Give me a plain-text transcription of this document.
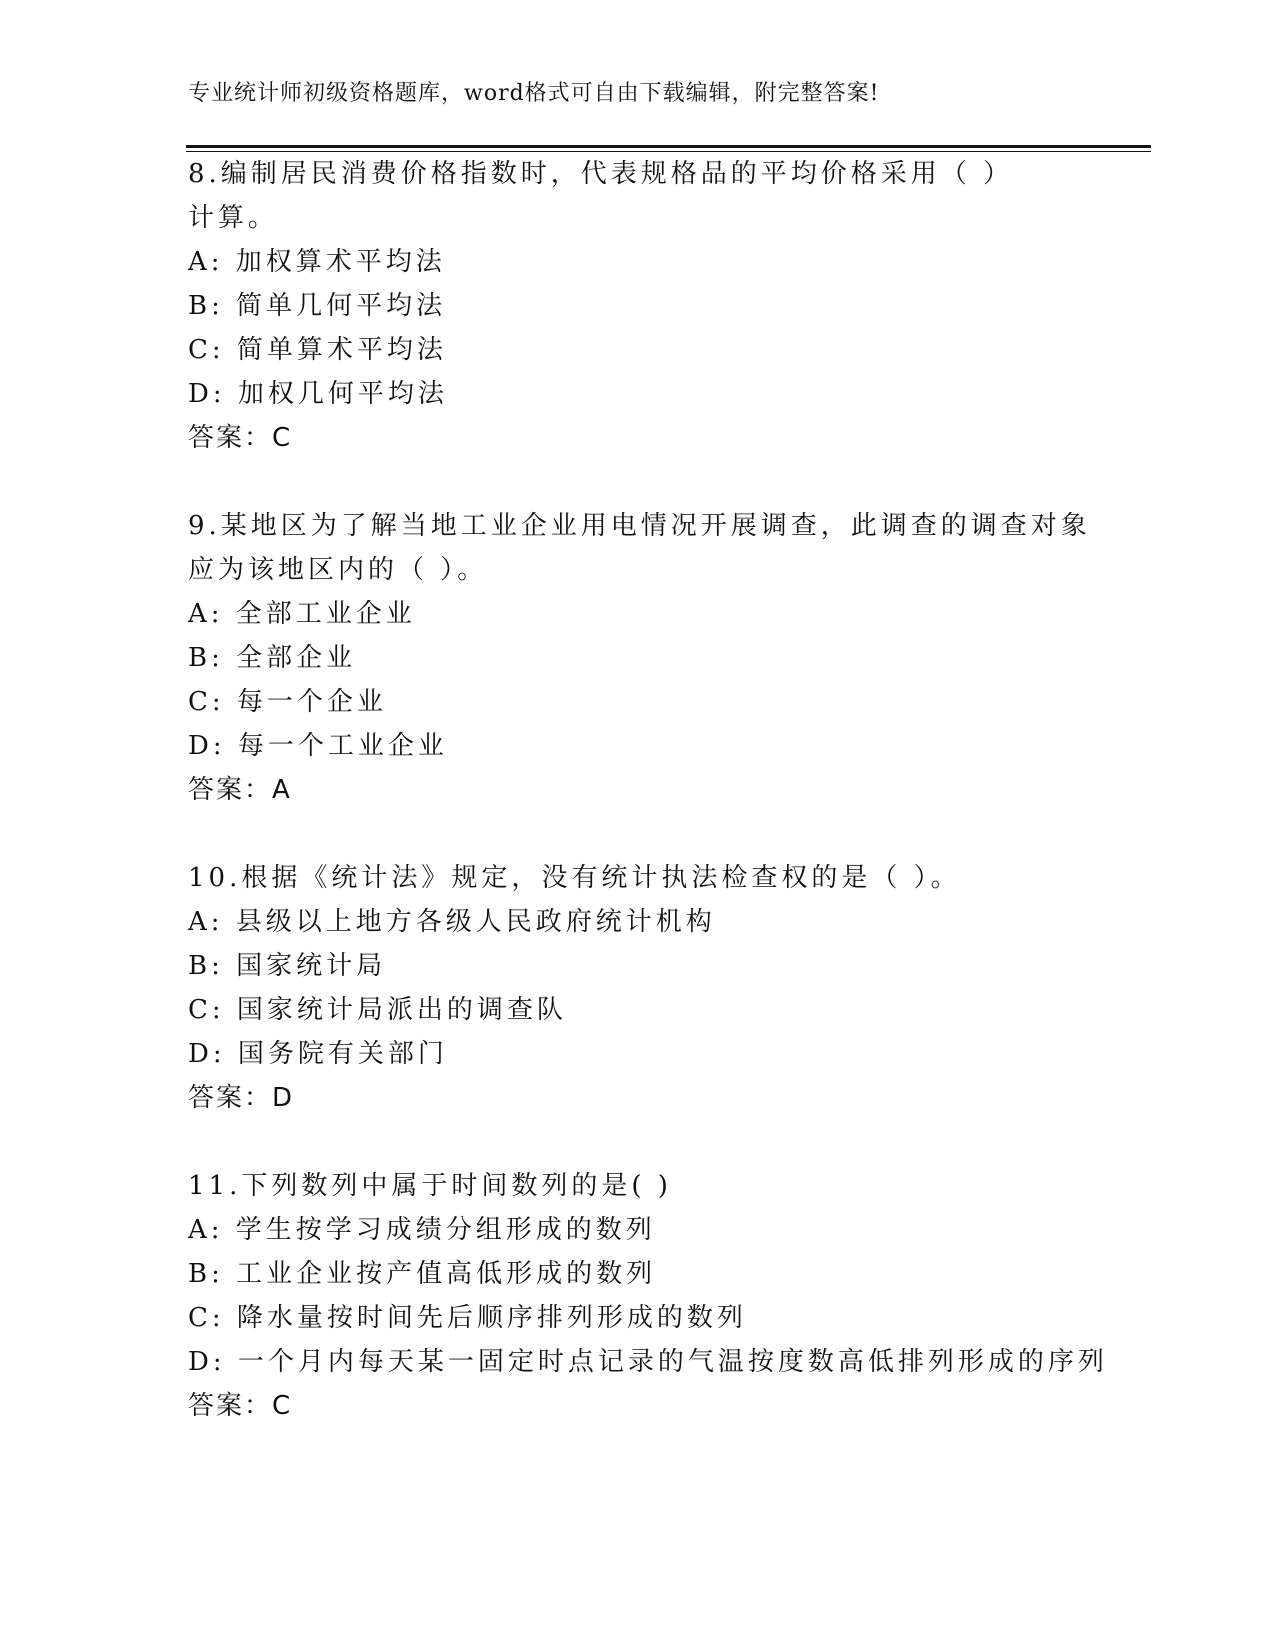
专业统计师初级资格题库，word格式可自由下载编辑，附完整答案!
8.编制居民消费价格指数时，代表规格品的平均价格采用（ ）
计算。
A: 加权算术平均法
B: 简单几何平均法
C: 简单算术平均法
D: 加权几何平均法
答案：C
9.某地区为了解当地工业企业用电情况开展调查，此调查的调查对象
应为该地区内的（ ）。
A: 全部工业企业
B: 全部企业
C: 每一个企业
D: 每一个工业企业
答案：A
10.根据《统计法》规定，没有统计执法检查权的是（ ）。
A: 县级以上地方各级人民政府统计机构
B: 国家统计局
C: 国家统计局派出的调查队
D: 国务院有关部门
答案：D
11.下列数列中属于时间数列的是( )
A: 学生按学习成绩分组形成的数列
B: 工业企业按产值高低形成的数列
C: 降水量按时间先后顺序排列形成的数列
D: 一个月内每天某一固定时点记录的气温按度数高低排列形成的序列
答案：C
